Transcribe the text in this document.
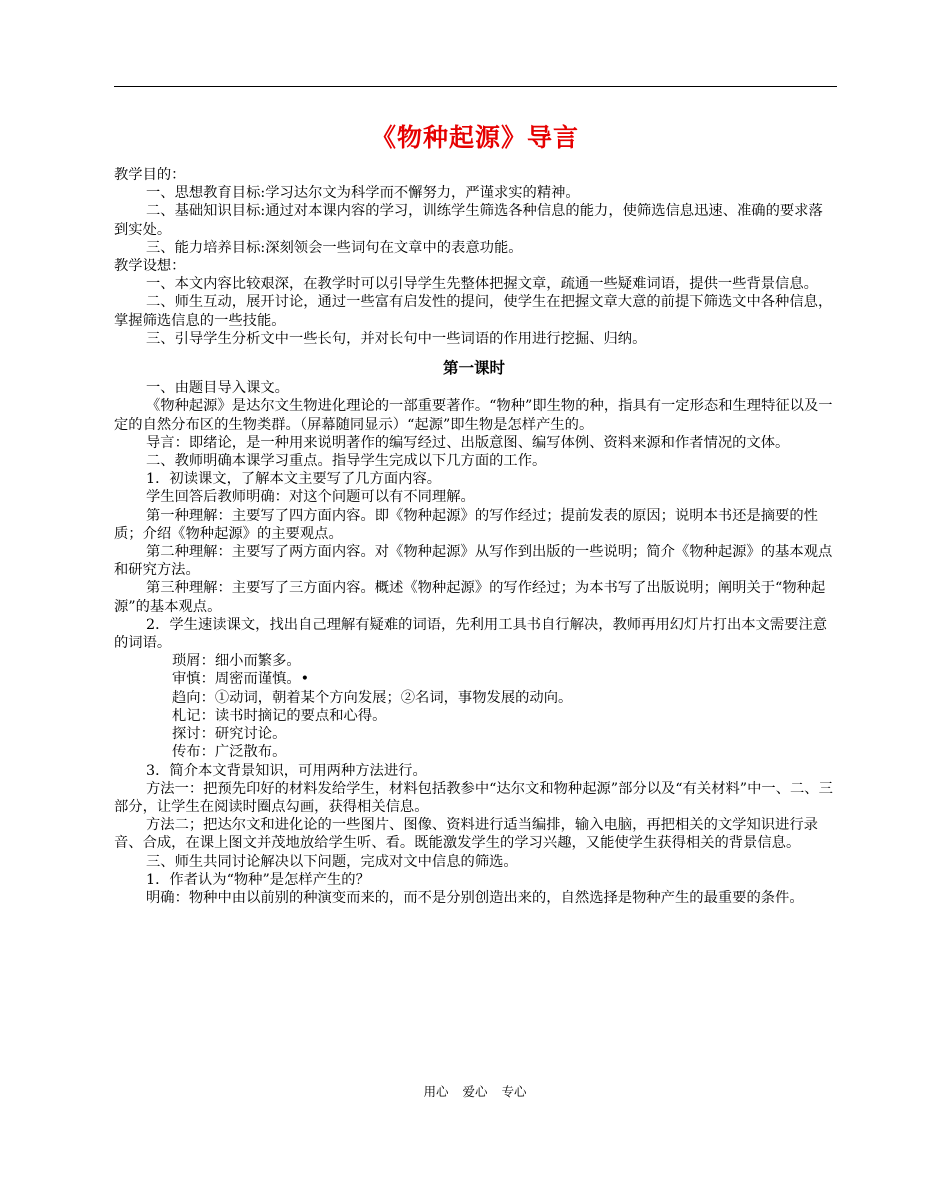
《物种起源》导言

教学目的：

一、思想教育目标:学习达尔文为科学而不懈努力，严谨求实的精神。

二、基础知识目标:通过对本课内容的学习，训练学生筛选各种信息的能力，使筛选信息迅速、准确的要求落到实处。

三、能力培养目标:深刻领会一些词句在文章中的表意功能。

教学设想：

一、本文内容比较艰深，在教学时可以引导学生先整体把握文章，疏通一些疑难词语，提供一些背景信息。

二、师生互动，展开讨论，通过一些富有启发性的提问，使学生在把握文章大意的前提下筛选文中各种信息，掌握筛选信息的一些技能。

三、引导学生分析文中一些长句，并对长句中一些词语的作用进行挖掘、归纳。

第一课时

一、由题目导入课文。

《物种起源》是达尔文生物进化理论的一部重要著作。“物种”即生物的种，指具有一定形态和生理特征以及一定的自然分布区的生物类群。（屏幕随同显示）“起源”即生物是怎样产生的。

导言：即绪论，是一种用来说明著作的编写经过、出版意图、编写体例、资料来源和作者情况的文体。

二、教师明确本课学习重点。指导学生完成以下几方面的工作。

1．初读课文，了解本文主要写了几方面内容。

学生回答后教师明确：对这个问题可以有不同理解。

第一种理解：主要写了四方面内容。即《物种起源》的写作经过；提前发表的原因；说明本书还是摘要的性质；介绍《物种起源》的主要观点。

第二种理解：主要写了两方面内容。对《物种起源》从写作到出版的一些说明；简介《物种起源》的基本观点和研究方法。

第三种理解：主要写了三方面内容。概述《物种起源》的写作经过；为本书写了出版说明；阐明关于“物种起源”的基本观点。

2．学生速读课文，找出自己理解有疑难的词语，先利用工具书自行解决，教师再用幻灯片打出本文需要注意的词语。

琐屑：细小而繁多。

审慎：周密而谨慎。•

趋向：①动词，朝着某个方向发展；②名词，事物发展的动向。

札记：读书时摘记的要点和心得。

探讨：研究讨论。

传布：广泛散布。

3．简介本文背景知识，可用两种方法进行。

方法一：把预先印好的材料发给学生，材料包括教参中“达尔文和物种起源”部分以及“有关材料”中一、二、三部分，让学生在阅读时圈点勾画，获得相关信息。

方法二；把达尔文和进化论的一些图片、图像、资料进行适当编排，输入电脑，再把相关的文学知识进行录音、合成，在课上图文并茂地放给学生听、看。既能激发学生的学习兴趣，又能使学生获得相关的背景信息。

三、师生共同讨论解决以下问题，完成对文中信息的筛选。

1．作者认为“物种”是怎样产生的？

明确：物种中由以前别的种演变而来的，而不是分别创造出来的，自然选择是物种产生的最重要的条件。

用心 爱心 专心
